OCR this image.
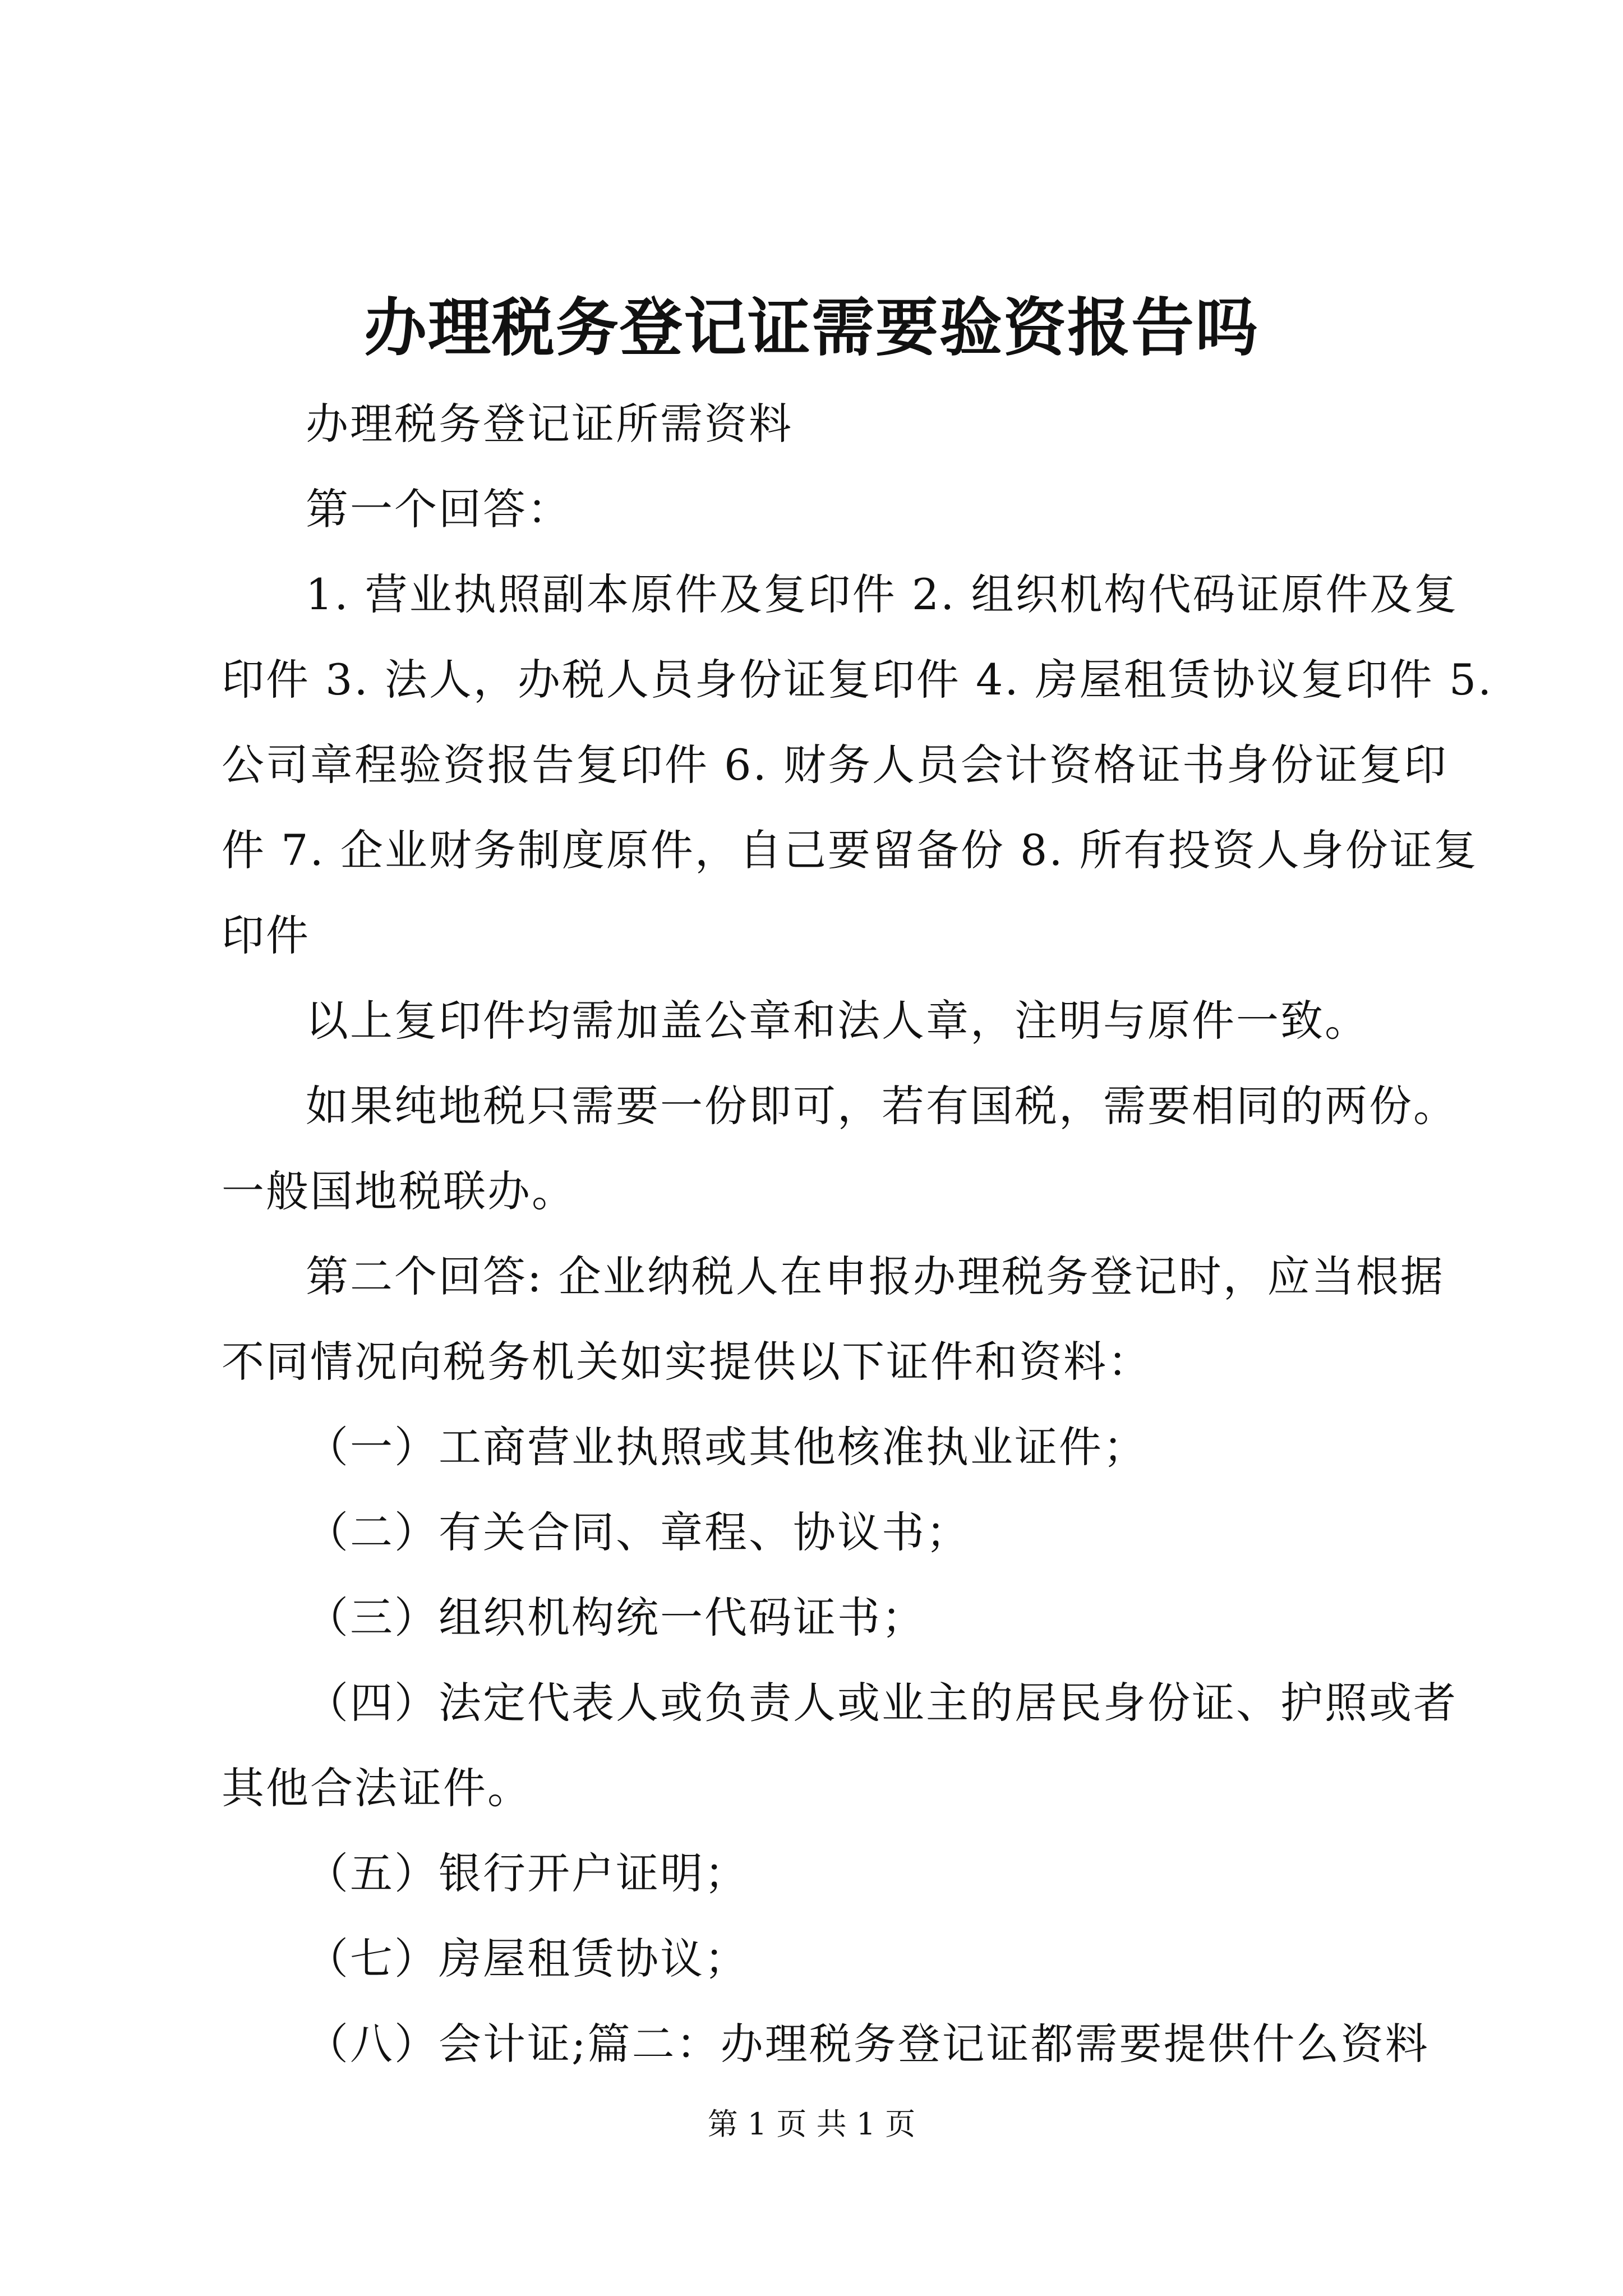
办理税务登记证需要验资报告吗
办理税务登记证所需资料
第一个回答：
1. 营业执照副本原件及复印件 2. 组织机构代码证原件及复
印件 3. 法人，办税人员身份证复印件 4. 房屋租赁协议复印件 5.
公司章程验资报告复印件 6. 财务人员会计资格证书身份证复印
件 7. 企业财务制度原件，自己要留备份 8. 所有投资人身份证复
印件
以上复印件均需加盖公章和法人章，注明与原件一致。
如果纯地税只需要一份即可，若有国税，需要相同的两份。
一般国地税联办。
第二个回答: 企业纳税人在申报办理税务登记时，应当根据
不同情况向税务机关如实提供以下证件和资料：
（一）工商营业执照或其他核准执业证件；
（二）有关合同、章程、协议书；
（三）组织机构统一代码证书；
（四）法定代表人或负责人或业主的居民身份证、护照或者
其他合法证件。
（五）银行开户证明；
（七）房屋租赁协议；
（八）会计证;篇二：办理税务登记证都需要提供什么资料
第 1 页 共 1 页
